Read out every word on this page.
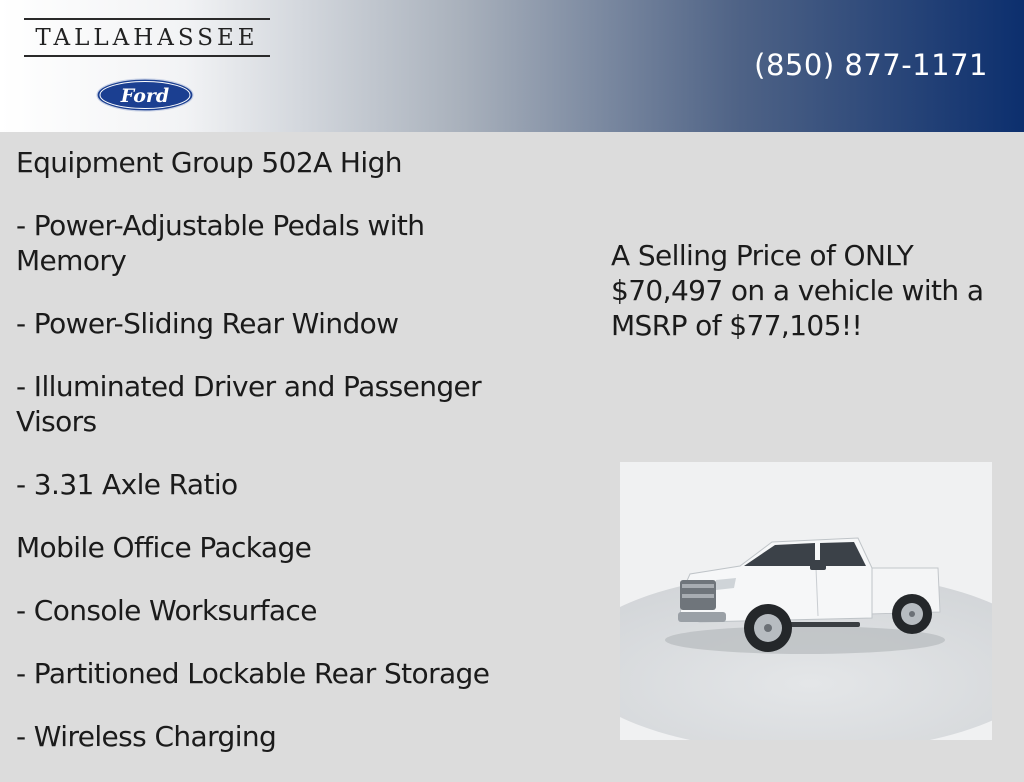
TALLAHASSEE
Ford
(850) 877-1171
Equipment Group 502A High
- Power-Adjustable Pedals with Memory
- Power-Sliding Rear Window
- Illuminated Driver and Passenger Visors
- 3.31 Axle Ratio
Mobile Office Package
- Console Worksurface
- Partitioned Lockable Rear Storage
- Wireless Charging
A Selling Price of ONLY $70,497 on a vehicle with a MSRP of $77,105!!
